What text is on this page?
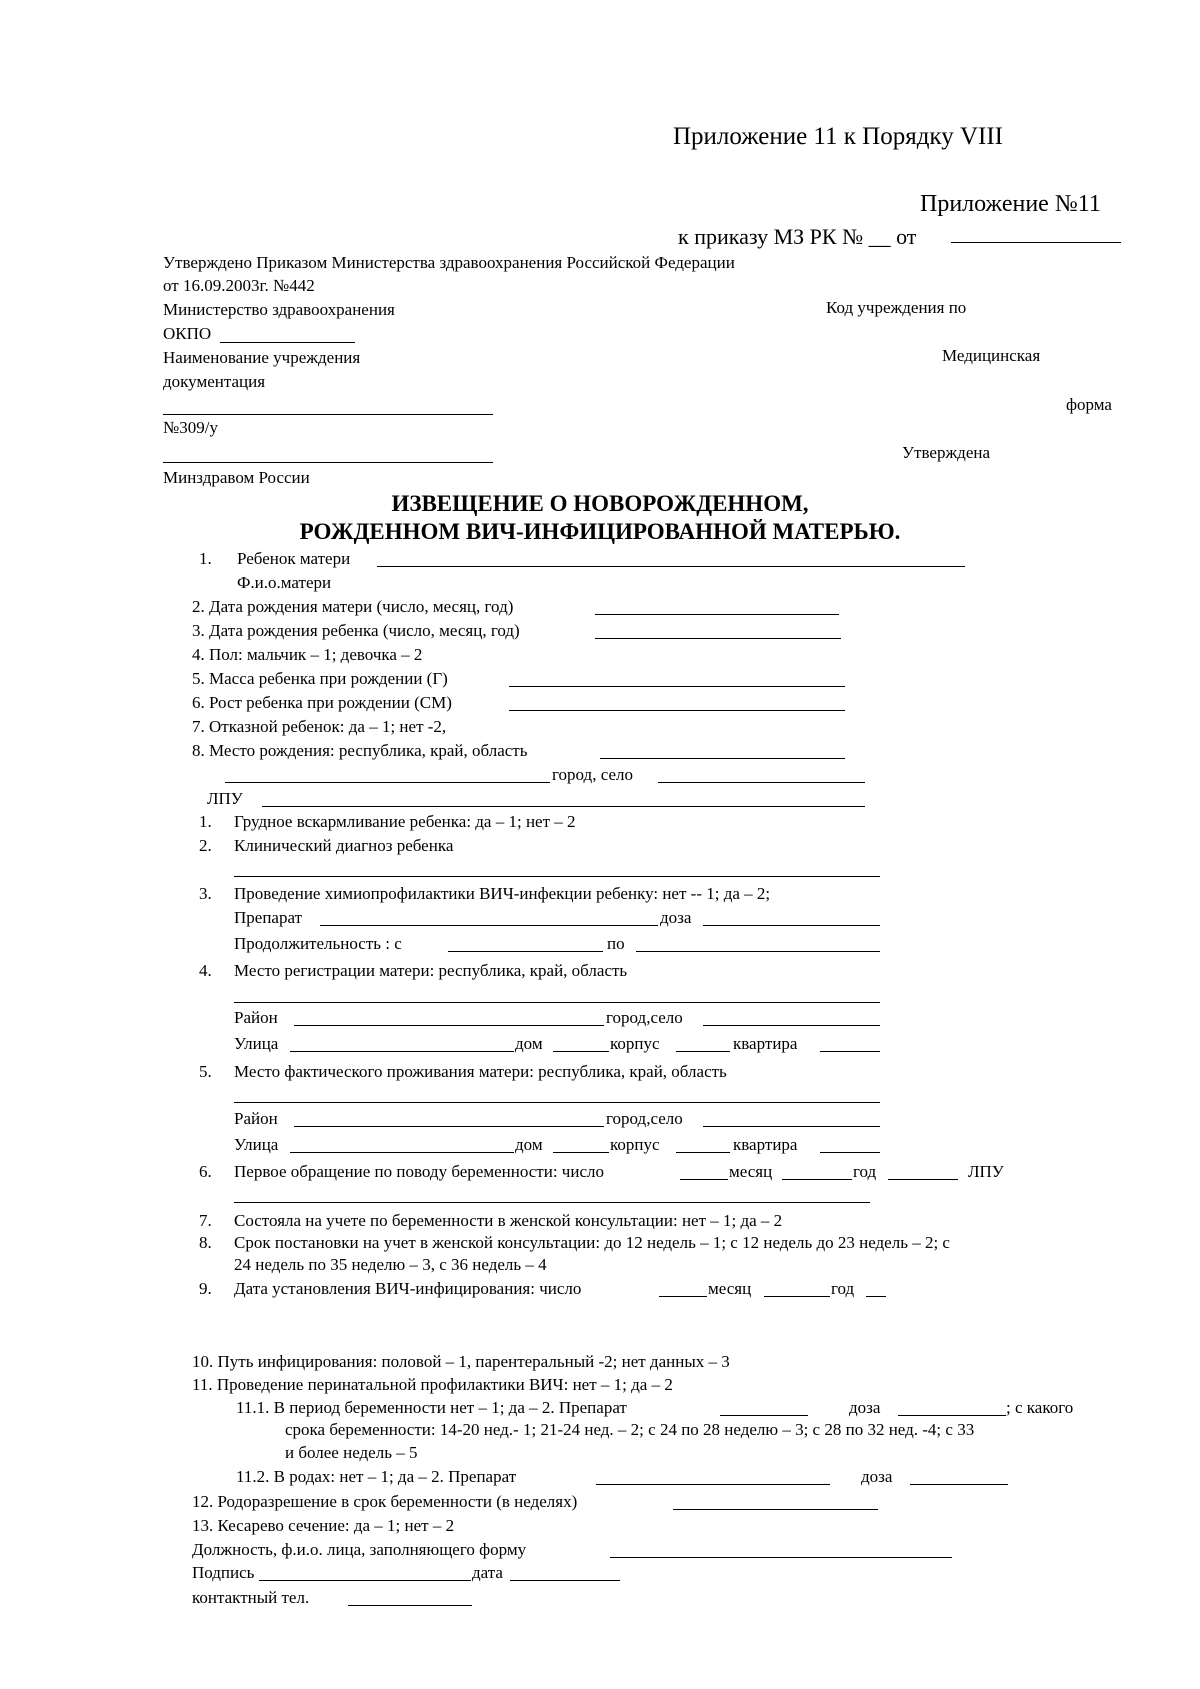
Приложение 11 к Порядку VIII
Приложение №11
к приказу МЗ РК № __ от
Утверждено Приказом Министерства здравоохранения Российской Федерации
от 16.09.2003г. №442
Министерство здравоохранения	Код учреждения по
ОКПО
Наименование учреждения	Медицинская
документация
форма
№309/у
Утверждена
Минздравом России
ИЗВЕЩЕНИЕ О НОВОРОЖДЕННОМ,
РОЖДЕННОМ ВИЧ-ИНФИЦИРОВАННОЙ МАТЕРЬЮ.
1. Ребенок матери
Ф.и.о.матери
2. Дата рождения матери (число, месяц, год)
3. Дата рождения ребенка (число, месяц, год)
4. Пол: мальчик – 1; девочка – 2
5. Масса ребенка при рождении (Г)
6. Рост ребенка при рождении (СМ)
7. Отказной ребенок: да – 1; нет -2,
8. Место рождения: республика, край, область
город, село
ЛПУ
1. Грудное вскармливание ребенка: да – 1; нет – 2
2. Клинический диагноз ребенка
3. Проведение химиопрофилактики ВИЧ-инфекции ребенку: нет -- 1; да – 2;
Препарат	доза
Продолжительность : с	по
4. Место регистрации матери: республика, край, область
Район	город,село
Улица	дом	корпус	квартира
5. Место фактического проживания матери: республика, край, область
Район	город,село
Улица	дом	корпус	квартира
6. Первое обращение по поводу беременности: число	месяц	год	ЛПУ
7. Состояла на учете по беременности в женской консультации: нет – 1; да – 2
8. Срок постановки на учет в женской консультации: до 12 недель – 1; с 12 недель до 23 недель – 2; с
24 недель по 35 неделю – 3, с 36 недель – 4
9. Дата установления ВИЧ-инфицирования: число	месяц	год
10. Путь инфицирования: половой – 1, парентеральный -2; нет данных – 3
11. Проведение перинатальной профилактики ВИЧ: нет – 1; да – 2
11.1. В период беременности нет – 1; да – 2. Препарат	доза	; с какого
срока беременности: 14-20 нед.- 1; 21-24 нед. – 2; с 24 по 28 неделю – 3; с 28 по 32 нед. -4; с 33
и более недель – 5
11.2. В родах: нет – 1; да – 2. Препарат	доза
12. Родоразрешение в срок беременности (в неделях)
13. Кесарево сечение: да – 1; нет – 2
Должность, ф.и.о. лица, заполняющего форму
Подпись	дата
контактный тел.
